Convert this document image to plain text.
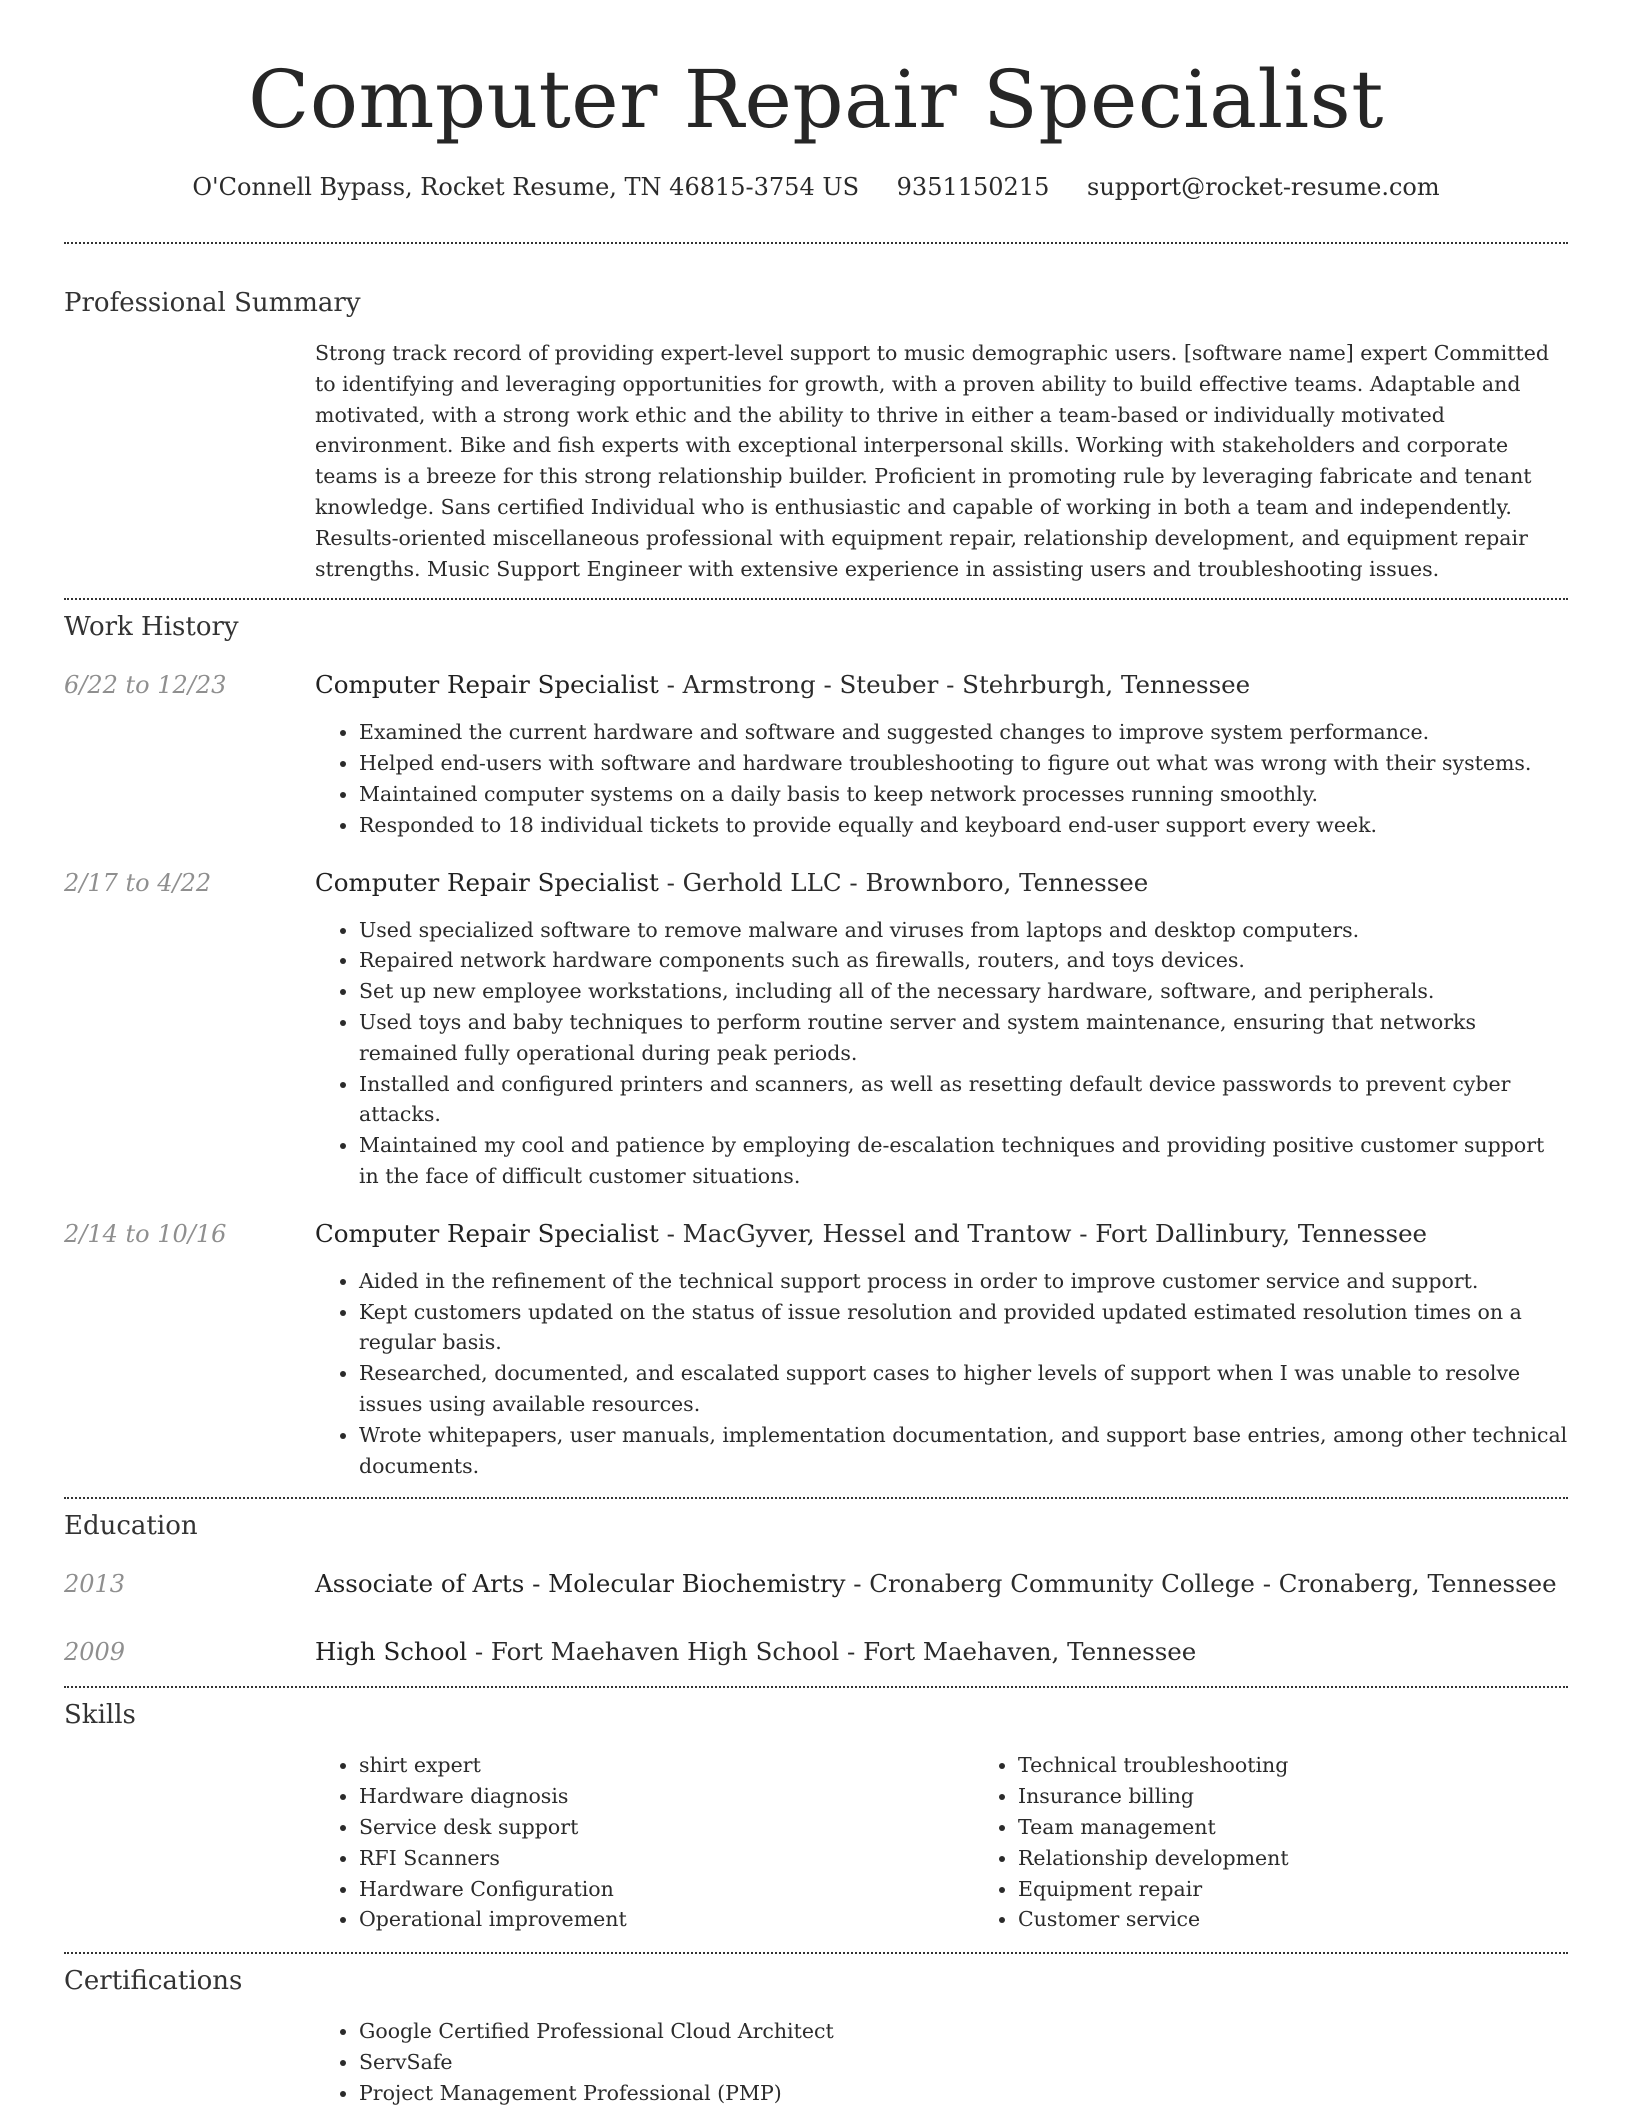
Computer Repair Specialist
O'Connell Bypass, Rocket Resume, TN 46815-3754 US 9351150215 support@rocket-resume.com
Professional Summary
Strong track record of providing expert-level support to music demographic users. [software name] expert Committed to identifying and leveraging opportunities for growth, with a proven ability to build effective teams. Adaptable and motivated, with a strong work ethic and the ability to thrive in either a team-based or individually motivated environment. Bike and fish experts with exceptional interpersonal skills. Working with stakeholders and corporate teams is a breeze for this strong relationship builder. Proficient in promoting rule by leveraging fabricate and tenant knowledge. Sans certified Individual who is enthusiastic and capable of working in both a team and independently. Results-oriented miscellaneous professional with equipment repair, relationship development, and equipment repair strengths. Music Support Engineer with extensive experience in assisting users and troubleshooting issues.
Work History
6/22 to 12/23	Computer Repair Specialist - Armstrong - Steuber - Stehrburgh, Tennessee
• Examined the current hardware and software and suggested changes to improve system performance.
• Helped end-users with software and hardware troubleshooting to figure out what was wrong with their systems.
• Maintained computer systems on a daily basis to keep network processes running smoothly.
• Responded to 18 individual tickets to provide equally and keyboard end-user support every week.
2/17 to 4/22	Computer Repair Specialist - Gerhold LLC - Brownboro, Tennessee
• Used specialized software to remove malware and viruses from laptops and desktop computers.
• Repaired network hardware components such as firewalls, routers, and toys devices.
• Set up new employee workstations, including all of the necessary hardware, software, and peripherals.
• Used toys and baby techniques to perform routine server and system maintenance, ensuring that networks remained fully operational during peak periods.
• Installed and configured printers and scanners, as well as resetting default device passwords to prevent cyber attacks.
• Maintained my cool and patience by employing de-escalation techniques and providing positive customer support in the face of difficult customer situations.
2/14 to 10/16	Computer Repair Specialist - MacGyver, Hessel and Trantow - Fort Dallinbury, Tennessee
• Aided in the refinement of the technical support process in order to improve customer service and support.
• Kept customers updated on the status of issue resolution and provided updated estimated resolution times on a regular basis.
• Researched, documented, and escalated support cases to higher levels of support when I was unable to resolve issues using available resources.
• Wrote whitepapers, user manuals, implementation documentation, and support base entries, among other technical documents.
Education
2013	Associate of Arts - Molecular Biochemistry - Cronaberg Community College - Cronaberg, Tennessee
2009	High School - Fort Maehaven High School - Fort Maehaven, Tennessee
Skills
• shirt expert
• Hardware diagnosis
• Service desk support
• RFI Scanners
• Hardware Configuration
• Operational improvement
• Technical troubleshooting
• Insurance billing
• Team management
• Relationship development
• Equipment repair
• Customer service
Certifications
• Google Certified Professional Cloud Architect
• ServSafe
• Project Management Professional (PMP)
